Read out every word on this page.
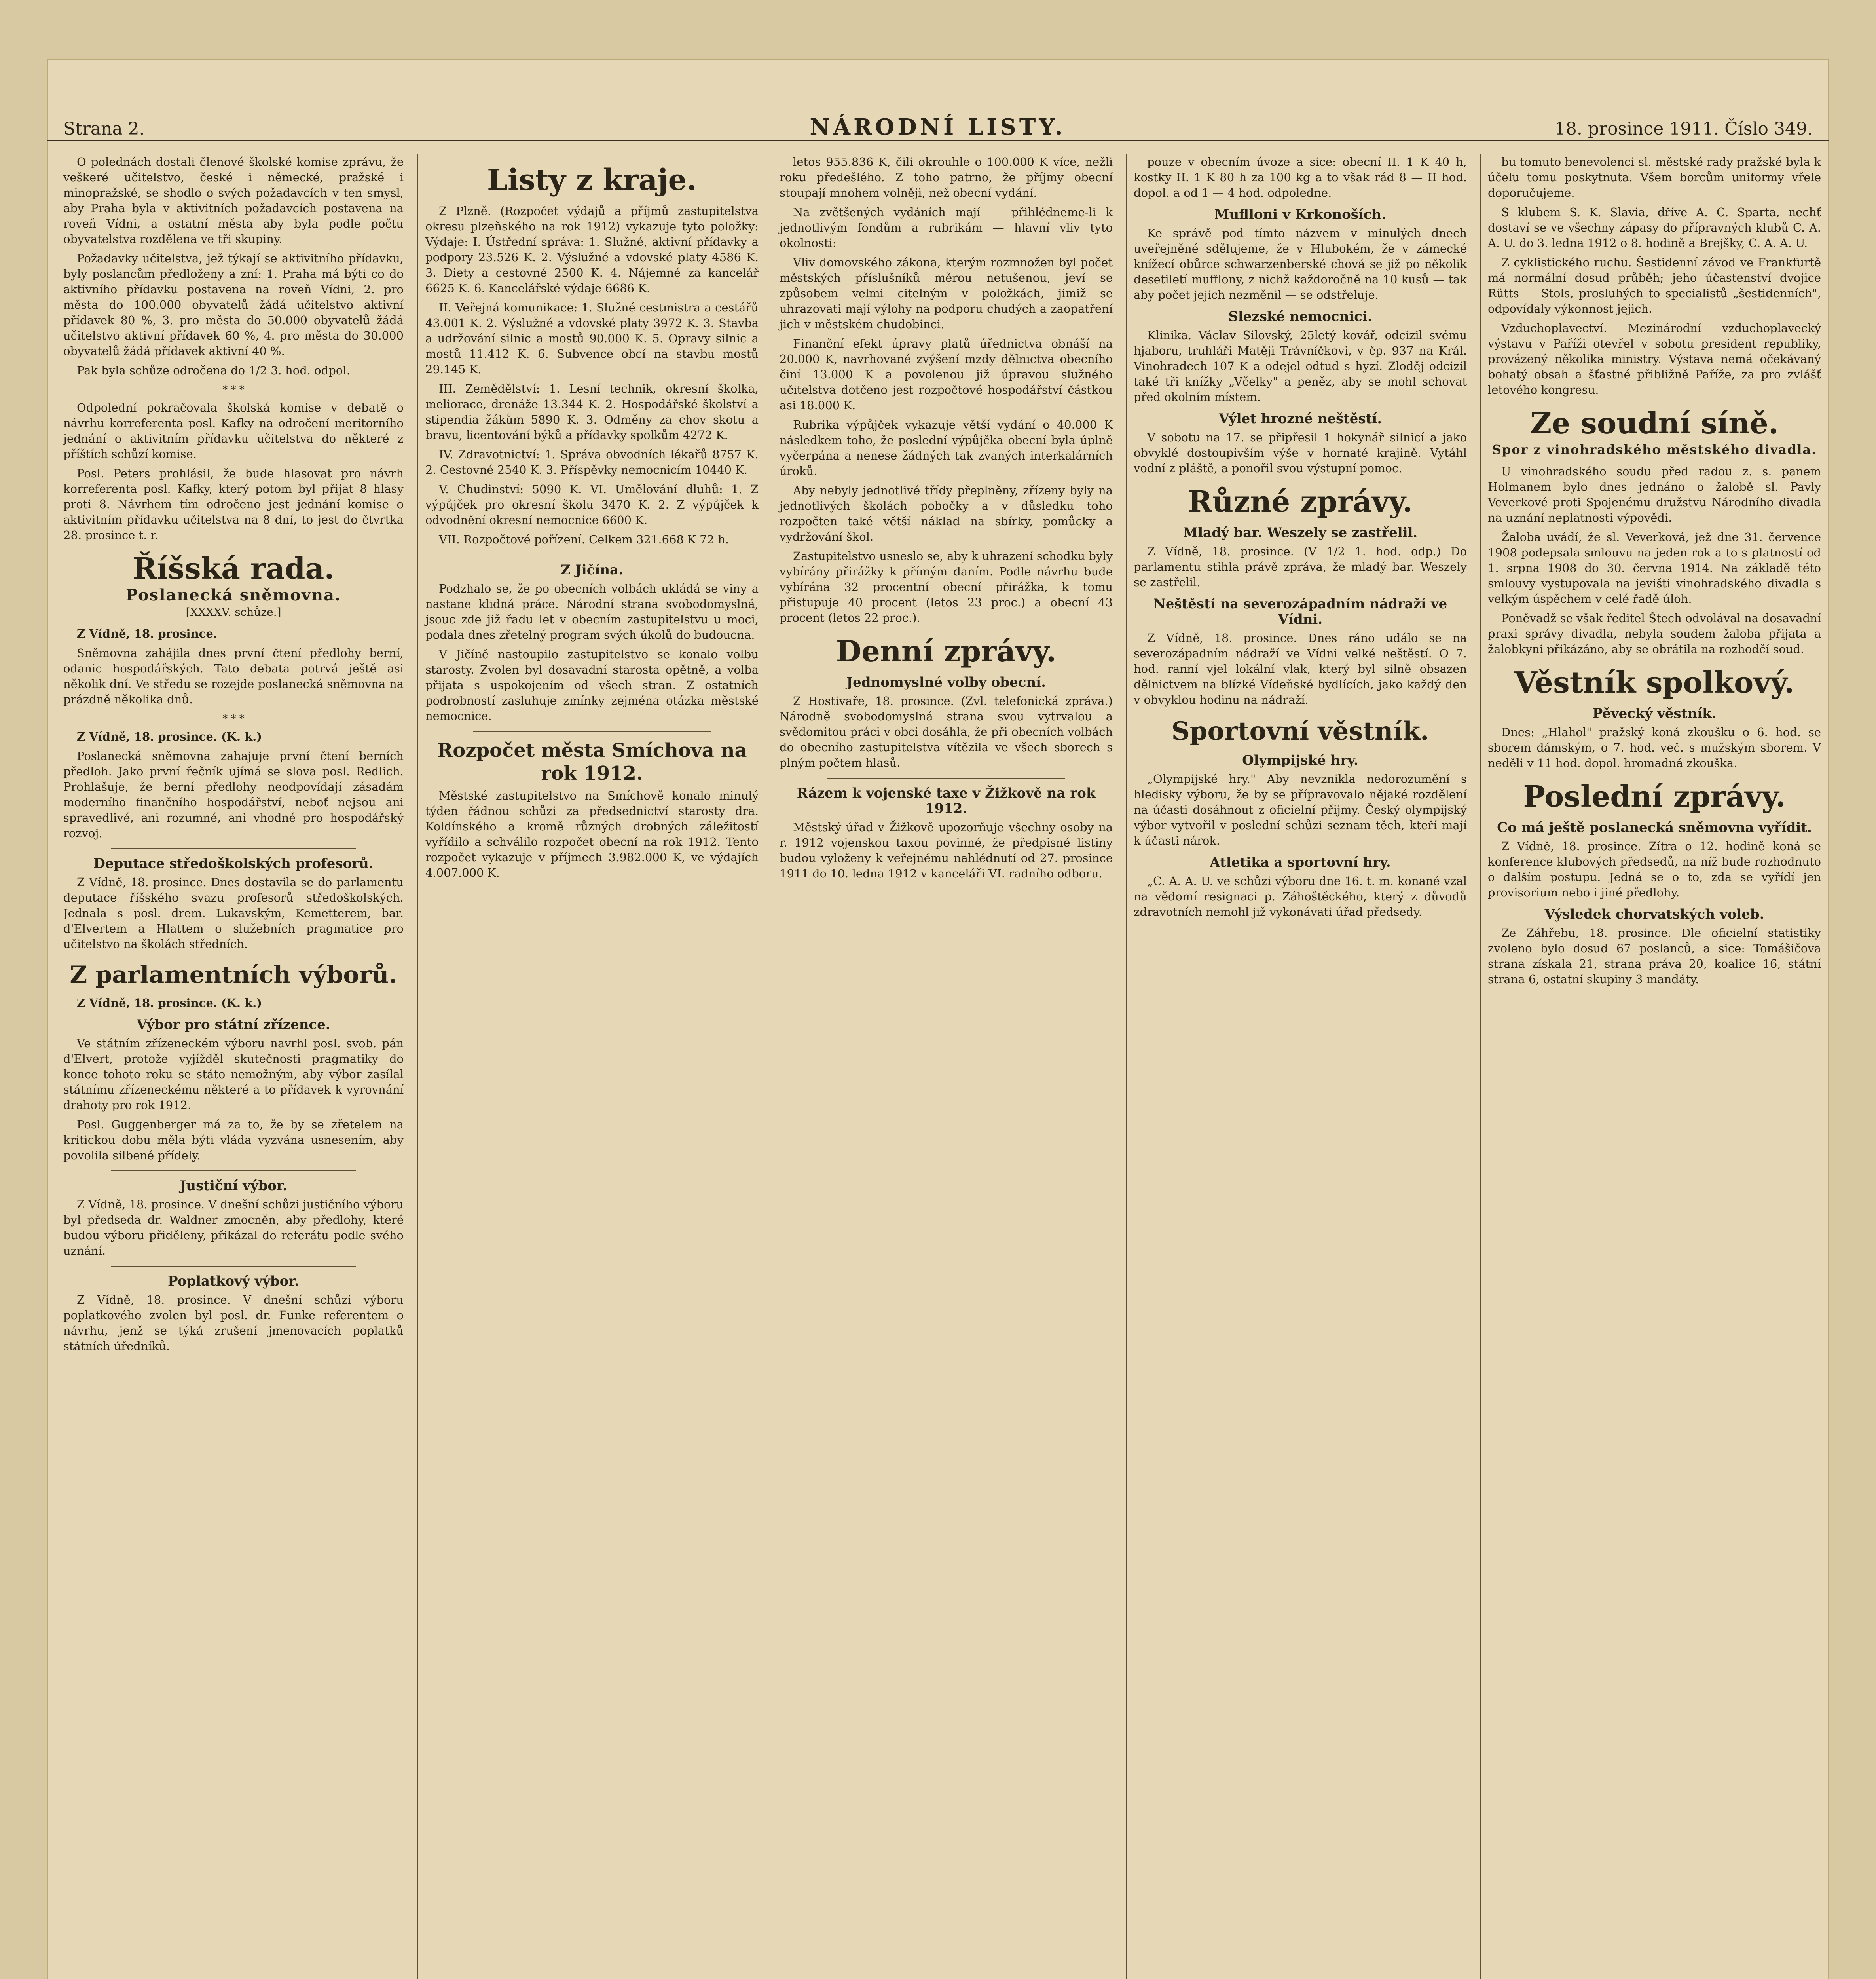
Strana 2.	NÁRODNÍ LISTY.	18. prosince 1911. Číslo 349.

O polednách dostali členové školské komise zprávu, že veškeré učitelstvo, české i německé, pražské i minopražské, se shodlo o svých požadavcích v ten smysl, aby Praha byla v aktivitních požadavcích postavena na roveň Vídni, a ostatní města aby byla podle počtu obyvatelstva rozdělena ve tři skupiny.

Požadavky učitelstva, jež týkají se aktivitního přídavku, byly poslancům předloženy a zní: 1. Praha má býti co do aktivního přídavku postavena na roveň Vídni, 2. pro města do 100.000 obyvatelů žádá učitelstvo aktivní přídavek 80 %, 3. pro města do 50.000 obyvatelů žádá učitelstvo aktivní přídavek 60 %, 4. pro města do 30.000 obyvatelů žádá přídavek aktivní 40 %.

Pak byla schůze odročena do 1/2 3. hod. odpol.

* * *

Odpolední pokračovala školská komise v debatě o návrhu korreferenta posl. Kafky na odročení meritorního jednání o aktivitním přídavku učitelstva do některé z příštích schůzí komise.

Posl. Peters prohlásil, že bude hlasovat pro návrh korreferenta posl. Kafky, který potom byl přijat 8 hlasy proti 8. Návrhem tím odročeno jest jednání komise o aktivitním přídavku učitelstva na 8 dní, to jest do čtvrtka 28. prosince t. r.

Říšská rada.

Poslanecká sněmovna.

[XXXXV. schůze.]

Z Vídně, 18. prosince.

Sněmovna zahájila dnes první čtení předlohy berní, odanic hospodářských. Tato debata potrvá ještě asi několik dní. Ve středu se rozejde poslanecká sněmovna na prázdně několika dnů.

* * *

Z Vídně, 18. prosince. (K. k.)

Poslanecká sněmovna zahajuje první čtení berních předloh. Jako první řečník ujímá se slova posl. Redlich. Prohlašuje, že berní předlohy neodpovídají zásadám moderního finančního hospodářství, neboť nejsou ani spravedlivé, ani rozumné, ani vhodné pro hospodářský rozvoj.

Deputace středoškolských profesorů.

Z Vídně, 18. prosince. Dnes dostavila se do parlamentu deputace říšského svazu profesorů středoškolských. Jednala s posl. drem. Lukavským, Kemetterem, bar. d'Elvertem a Hlattem o služebních pragmatice pro učitelstvo na školách středních.

Z parlamentních výborů.

Z Vídně, 18. prosince. (K. k.)

Výbor pro státní zřízence.

Ve státním zřízeneckém výboru navrhl posl. svob. pán d'Elvert, protože vyjížděl skutečnosti pragmatiky do konce tohoto roku se státo nemožným, aby výbor zasílal státnímu zřízeneckému některé a to přídavek k vyrovnání drahoty pro rok 1912.

Posl. Guggenberger má za to, že by se zřetelem na kritickou dobu měla býti vláda vyzvána usnesením, aby povolila silbené přídely.

Justiční výbor.

Z Vídně, 18. prosince. V dnešní schůzi justičního výboru byl předseda dr. Waldner zmocněn, aby předlohy, které budou výboru přiděleny, přikázal do referátu podle svého uznání.

Poplatkový výbor.

Z Vídně, 18. prosince. V dnešní schůzi výboru poplatkového zvolen byl posl. dr. Funke referentem o návrhu, jenž se týká zrušení jmenovacích poplatků státních úředníků.

Listy z kraje.

Z Plzně. (Rozpočet výdajů a příjmů zastupitelstva okresu plzeňského na rok 1912) vykazuje tyto položky: Výdaje: I. Ústřední správa: 1. Služné, aktivní přídavky a podpory 23.526 K. 2. Výslužné a vdovské platy 4586 K. 3. Diety a cestovné 2500 K. 4. Nájemné za kancelář 6625 K. 6. Kancelářské výdaje 6686 K.

II. Veřejná komunikace: 1. Služné cestmistra a cestářů 43.001 K. 2. Výslužné a vdovské platy 3972 K. 3. Stavba a udržování silnic a mostů 90.000 K. 5. Opravy silnic a mostů 11.412 K. 6. Subvence obcí na stavbu mostů 29.145 K.

III. Zemědělství: 1. Lesní technik, okresní školka, meliorace, drenáže 13.344 K. 2. Hospodářské školství a stipendia žákům 5890 K. 3. Odměny za chov skotu a bravu, licentování býků a přídavky spolkům 4272 K.

IV. Zdravotnictví: 1. Správa obvodních lékařů 8757 K. 2. Cestovné 2540 K. 3. Příspěvky nemocnicím 10440 K.

V. Chudinství: 5090 K. VI. Umělování dluhů: 1. Z výpůjček pro okresní školu 3470 K. 2. Z výpůjček k odvodnění okresní nemocnice 6600 K.

VII. Rozpočtové pořízení. Celkem 321.668 K 72 h.

Z Jičína.

Podzhalo se, že po obecních volbách ukládá se viny a nastane klidná práce. Národní strana svobodomyslná, jsouc zde již řadu let v obecním zastupitelstvu u moci, podala dnes zřetelný program svých úkolů do budoucna.

V Jičíně nastoupilo zastupitelstvo se konalo volbu starosty. Zvolen byl dosavadní starosta opětně, a volba přijata s uspokojením od všech stran. Z ostatních podrobností zasluhuje zmínky zejména otázka městské nemocnice.

Rozpočet města Smíchova na rok 1912.

Městské zastupitelstvo na Smíchově konalo minulý týden řádnou schůzi za předsednictví starosty dra. Koldínského a kromě různých drobných záležitostí vyřídilo a schválilo rozpočet obecní na rok 1912. Tento rozpočet vykazuje v příjmech 3.982.000 K, ve výdajích 4.007.000 K.

letos 955.836 K, čili okrouhle o 100.000 K více, nežli roku předešlého. Z toho patrno, že příjmy obecní stoupají mnohem volněji, než obecní vydání.

Na zvětšených vydáních mají — přihlédneme-li k jednotlivým fondům a rubrikám — hlavní vliv tyto okolnosti:

Vliv domovského zákona, kterým rozmnožen byl počet městských příslušníků měrou netušenou, jeví se způsobem velmi citelným v položkách, jimiž se uhrazovati mají výlohy na podporu chudých a zaopatření jich v městském chudobinci.

Finanční efekt úpravy platů úřednictva obnáší na 20.000 K, navrhované zvýšení mzdy dělnictva obecního činí 13.000 K a povolenou již úpravou služného učitelstva dotčeno jest rozpočtové hospodářství částkou asi 18.000 K.

Rubrika výpůjček vykazuje větší vydání o 40.000 K následkem toho, že poslední výpůjčka obecní byla úplně vyčerpána a nenese žádných tak zvaných interkalárních úroků.

Aby nebyly jednotlivé třídy přeplněny, zřízeny byly na jednotlivých školách pobočky a v důsledku toho rozpočten také větší náklad na sbírky, pomůcky a vydržování škol.

Zastupitelstvo usneslo se, aby k uhrazení schodku byly vybírány přirážky k přímým daním. Podle návrhu bude vybírána 32 procentní obecní přirážka, k tomu přistupuje 40 procent (letos 23 proc.) a obecní 43 procent (letos 22 proc.).

Denní zprávy.

Jednomyslné volby obecní.

Z Hostivaře, 18. prosince. (Zvl. telefonická zpráva.) Národně svobodomyslná strana svou vytrvalou a svědomitou práci v obci dosáhla, že při obecních volbách do obecního zastupitelstva vítězila ve všech sborech s plným počtem hlasů.

Rázem k vojenské taxe v Žižkově na rok 1912.

Městský úřad v Žižkově upozorňuje všechny osoby na r. 1912 vojenskou taxou povinné, že předpisné listiny budou vyloženy k veřejnému nahlédnutí od 27. prosince 1911 do 10. ledna 1912 v kanceláři VI. radního odboru.

pouze v obecním úvoze a sice: obecní II. 1 K 40 h, kostky II. 1 K 80 h za 100 kg a to však rád 8 — II hod. dopol. a od 1 — 4 hod. odpoledne.

Muflloni v Krkonoších.

Ke správě pod tímto názvem v minulých dnech uveřejněné sdělujeme, že v Hlubokém, že v zámecké knížecí obůrce schwarzenberské chová se již po několik desetiletí mufflony, z nichž každoročně na 10 kusů — tak aby počet jejich nezměnil — se odstřeluje.

Slezské nemocnici.

Klinika. Václav Silovský, 25letý kovář, odcizil svému hjaboru, truhláři Matěji Trávníčkovi, v čp. 937 na Král. Vinohradech 107 K a odejel odtud s hyzí. Zloděj odcizil také tři knížky „Včelky" a peněz, aby se mohl schovat před okolním místem.

Výlet hrozné neštěstí.

V sobotu na 17. se připřesil 1 hokynář silnicí a jako obvyklé dostoupivším výše v hornaté krajině. Vytáhl vodní z pláště, a ponořil svou výstupní pomoc.

Různé zprávy.

Mladý bar. Weszely se zastřelil.

Z Vídně, 18. prosince. (V 1/2 1. hod. odp.) Do parlamentu stihla právě zpráva, že mladý bar. Weszely se zastřelil.

Neštěstí na severozápadním nádraží ve Vídni.

Z Vídně, 18. prosince. Dnes ráno událo se na severozápadním nádraží ve Vídni velké neštěstí. O 7. hod. ranní vjel lokální vlak, který byl silně obsazen dělnictvem na blízké Vídeňské bydlících, jako každý den v obvyklou hodinu na nádraží.

Sportovní věstník.

Olympijské hry.

„Olympijské hry." Aby nevznikla nedorozumění s hledisky výboru, že by se přípravovalo nějaké rozdělení na účasti dosáhnout z oficielní přijmy. Český olympijský výbor vytvořil v poslední schůzi seznam těch, kteří mají k účasti nárok.

Atletika a sportovní hry.

„C. A. A. U. ve schůzi výboru dne 16. t. m. konané vzal na vědomí resignaci p. Záhoštěckého, který z důvodů zdravotních nemohl již vykonávati úřad předsedy.

bu tomuto benevolenci sl. městské rady pražské byla k účelu tomu poskytnuta. Všem borcům uniformy vřele doporučujeme.

S klubem S. K. Slavia, dříve A. C. Sparta, nechť dostaví se ve všechny zápasy do přípravných klubů C. A. A. U. do 3. ledna 1912 o 8. hodině a Brejšky, C. A. A. U.

Z cyklistického ruchu. Šestidenní závod ve Frankfurtě má normální dosud průběh; jeho účastenství dvojice Rütts — Stols, prosluhých to specialistů „šestidenních", odpovídaly výkonnost jejich.

Vzduchoplavectví. Mezinárodní vzduchoplavecký výstavu v Paříži otevřel v sobotu president republiky, provázený několika ministry. Výstava nemá očekávaný bohatý obsah a šťastné přibližně Paříže, za pro zvlášť letového kongresu.

Ze soudní síně.

Spor z vinohradského městského divadla.

U vinohradského soudu před radou z. s. panem Holmanem bylo dnes jednáno o žalobě sl. Pavly Veverkové proti Spojenému družstvu Národního divadla na uznání neplatnosti výpovědi.

Žaloba uvádí, že sl. Veverková, jež dne 31. července 1908 podepsala smlouvu na jeden rok a to s platností od 1. srpna 1908 do 30. června 1914. Na základě této smlouvy vystupovala na jevišti vinohradského divadla s velkým úspěchem v celé řadě úloh.

Poněvadž se však ředitel Štech odvolával na dosavadní praxi správy divadla, nebyla soudem žaloba přijata a žalobkyni přikázáno, aby se obrátila na rozhodčí soud.

Věstník spolkový.

Pěvecký věstník.

Dnes: „Hlahol" pražský koná zkoušku o 6. hod. se sborem dámským, o 7. hod. več. s mužským sborem. V neděli v 11 hod. dopol. hromadná zkouška.

Poslední zprávy.

Co má ještě poslanecká sněmovna vyřídit.

Z Vídně, 18. prosince. Zítra o 12. hodině koná se konference klubových předsedů, na níž bude rozhodnuto o dalším postupu. Jedná se o to, zda se vyřídí jen provisorium nebo i jiné předlohy.

Výsledek chorvatských voleb.

Ze Záhřebu, 18. prosince. Dle oficielní statistiky zvoleno bylo dosud 67 poslanců, a sice: Tomášičova strana získala 21, strana práva 20, koalice 16, státní strana 6, ostatní skupiny 3 mandáty.
